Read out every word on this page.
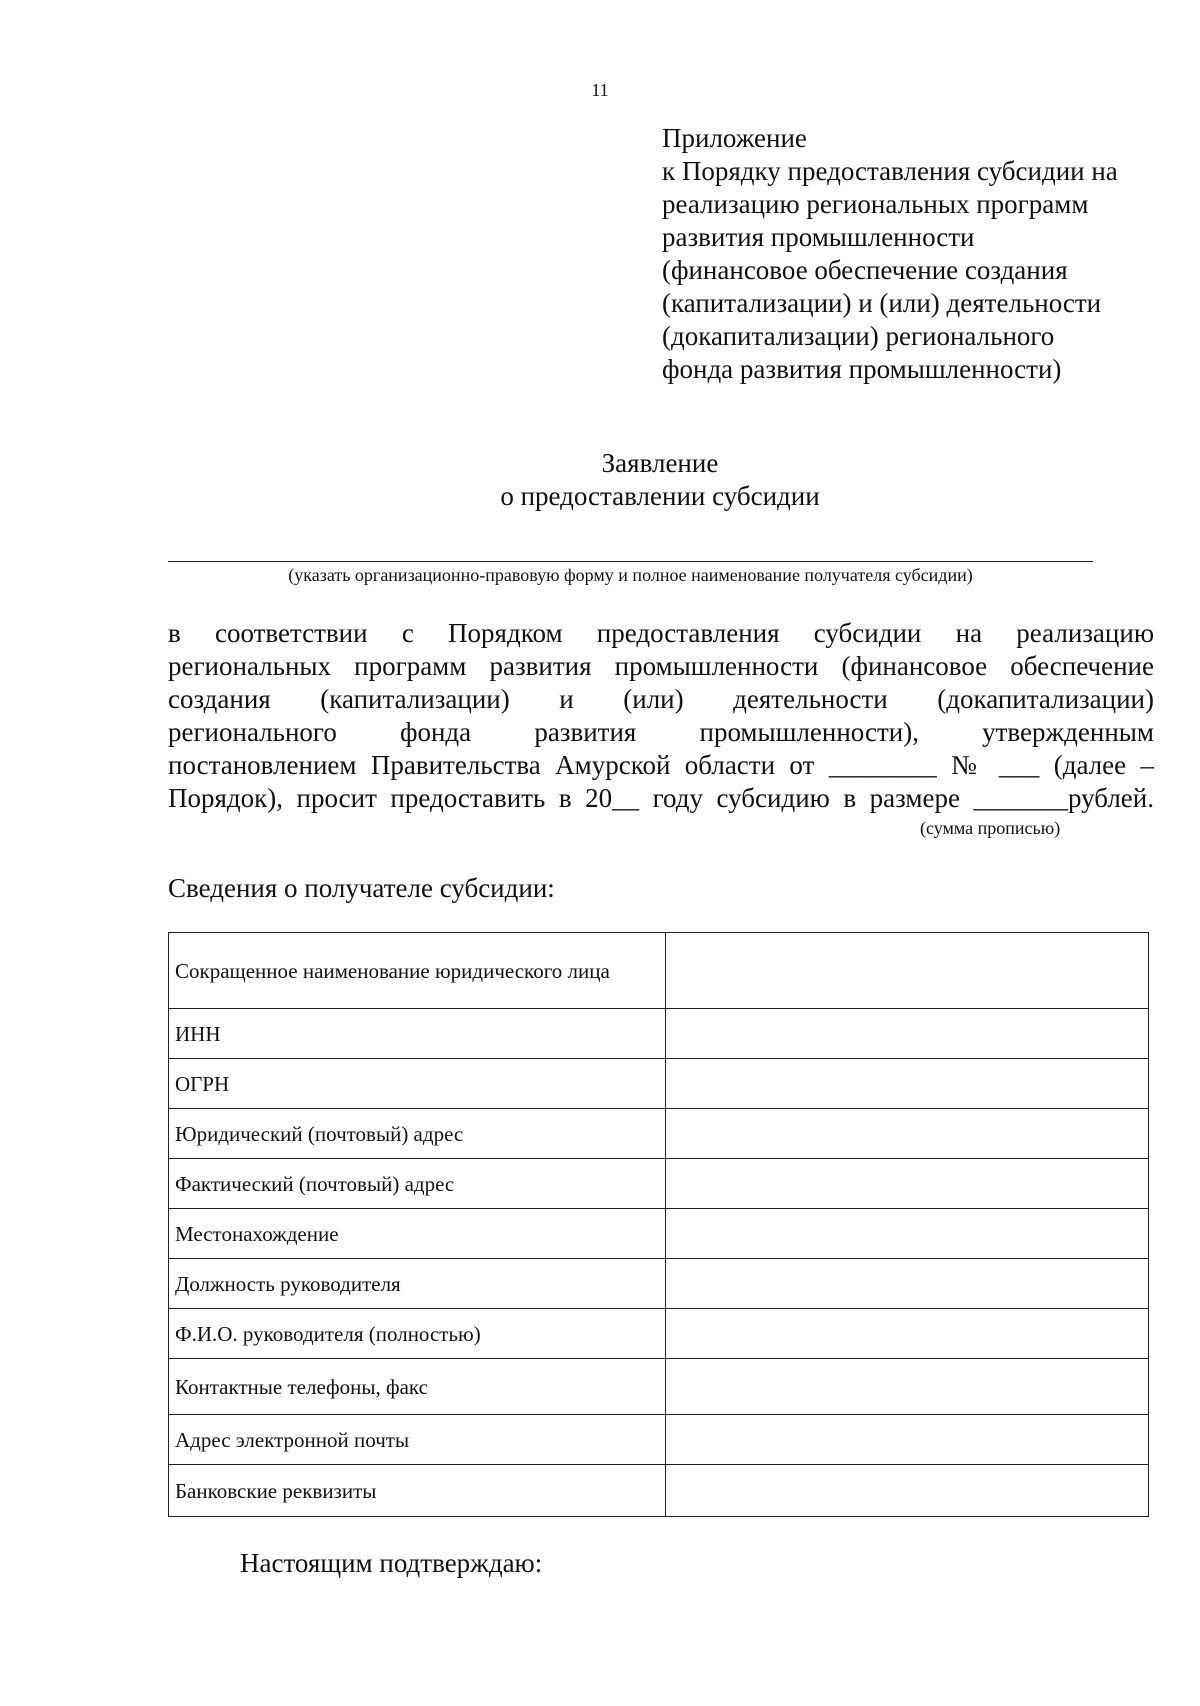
11
Приложение
к Порядку предоставления субсидии на
реализацию региональных программ
развития промышленности
(финансовое обеспечение создания
(капитализации) и (или) деятельности
(докапитализации) регионального
фонда развития промышленности)
Заявление
о предоставлении субсидии
(указать организационно-правовую форму и полное наименование получателя субсидии)
в соответствии с Порядком предоставления субсидии на реализацию
региональных программ развития промышленности (финансовое обеспечение
создания (капитализации) и (или) деятельности (докапитализации)
регионального фонда развития промышленности), утвержденным
постановлением Правительства Амурской области от ________ № ___ (далее –
Порядок), просит предоставить в 20__ году субсидию в размере _______рублей.
(сумма прописью)
Сведения о получателе субсидии:
Сокращенное наименование юридического лица	
ИНН	
ОГРН	
Юридический (почтовый) адрес	
Фактический (почтовый) адрес	
Местонахождение	
Должность руководителя	
Ф.И.О. руководителя (полностью)	
Контактные телефоны, факс	
Адрес электронной почты	
Банковские реквизиты	
Настоящим подтверждаю:
